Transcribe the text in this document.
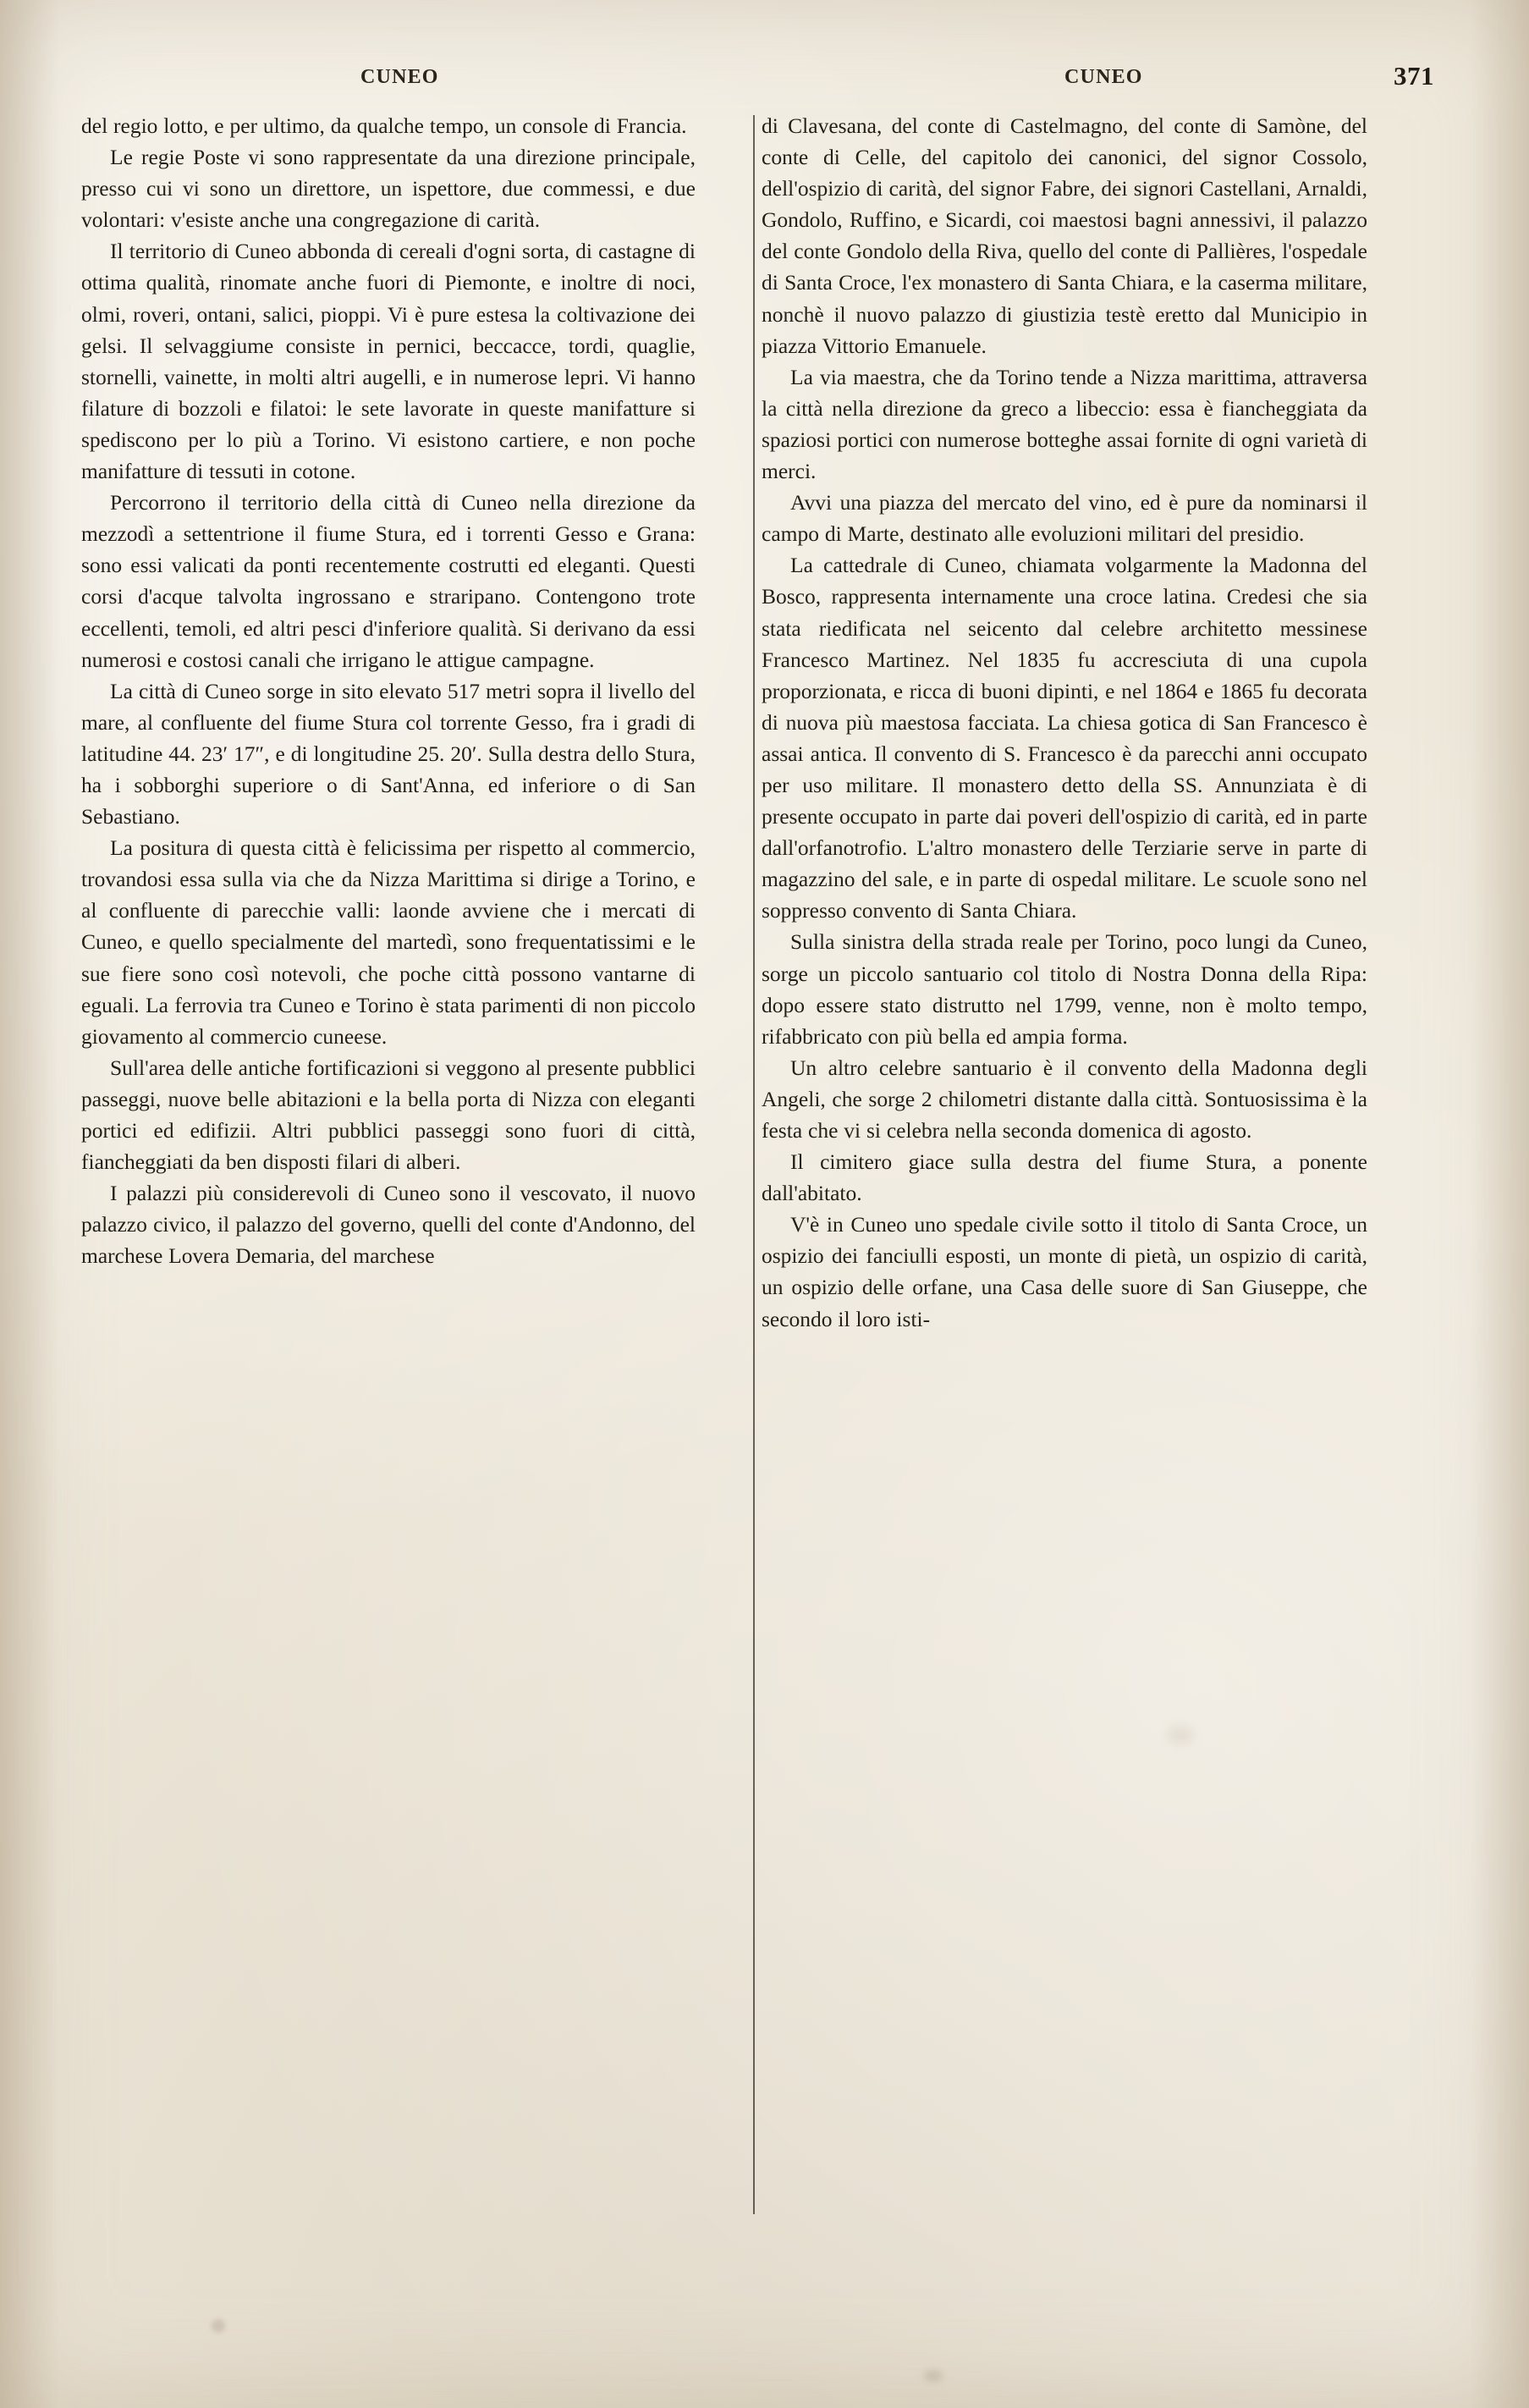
CUNEO	CUNEO	371

del regio lotto, e per ultimo, da qualche tempo, un console di Francia.

Le regie Poste vi sono rappresentate da una direzione principale, presso cui vi sono un direttore, un ispettore, due commessi, e due volontari: v'esiste anche una congregazione di carità.

Il territorio di Cuneo abbonda di cereali d'ogni sorta, di castagne di ottima qualità, rinomate anche fuori di Piemonte, e inoltre di noci, olmi, roveri, ontani, salici, pioppi. Vi è pure estesa la coltivazione dei gelsi. Il selvaggiume consiste in pernici, beccacce, tordi, quaglie, stornelli, vainette, in molti altri augelli, e in numerose lepri. Vi hanno filature di bozzoli e filatoi: le sete lavorate in queste manifatture si spediscono per lo più a Torino. Vi esistono cartiere, e non poche manifatture di tessuti in cotone.

Percorrono il territorio della città di Cuneo nella direzione da mezzodì a settentrione il fiume Stura, ed i torrenti Gesso e Grana: sono essi valicati da ponti recentemente costrutti ed eleganti. Questi corsi d'acque talvolta ingrossano e straripano. Contengono trote eccellenti, temoli, ed altri pesci d'inferiore qualità. Si derivano da essi numerosi e costosi canali che irrigano le attigue campagne.

La città di Cuneo sorge in sito elevato 517 metri sopra il livello del mare, al confluente del fiume Stura col torrente Gesso, fra i gradi di latitudine 44. 23′ 17″, e di longitudine 25. 20′. Sulla destra dello Stura, ha i sobborghi superiore o di Sant'Anna, ed inferiore o di San Sebastiano.

La positura di questa città è felicissima per rispetto al commercio, trovandosi essa sulla via che da Nizza Marittima si dirige a Torino, e al confluente di parecchie valli: laonde avviene che i mercati di Cuneo, e quello specialmente del martedì, sono frequentatissimi e le sue fiere sono così notevoli, che poche città possono vantarne di eguali. La ferrovia tra Cuneo e Torino è stata parimenti di non piccolo giovamento al commercio cuneese.

Sull'area delle antiche fortificazioni si veggono al presente pubblici passeggi, nuove belle abitazioni e la bella porta di Nizza con eleganti portici ed edifizii. Altri pubblici passeggi sono fuori di città, fiancheggiati da ben disposti filari di alberi.

I palazzi più considerevoli di Cuneo sono il vescovato, il nuovo palazzo civico, il palazzo del governo, quelli del conte d'Andonno, del marchese Lovera Demaria, del marchese

di Clavesana, del conte di Castelmagno, del conte di Samòne, del conte di Celle, del capitolo dei canonici, del signor Cossolo, dell'ospizio di carità, del signor Fabre, dei signori Castellani, Arnaldi, Gondolo, Ruffino, e Sicardi, coi maestosi bagni annessivi, il palazzo del conte Gondolo della Riva, quello del conte di Pallières, l'ospedale di Santa Croce, l'ex monastero di Santa Chiara, e la caserma militare, nonchè il nuovo palazzo di giustizia testè eretto dal Municipio in piazza Vittorio Emanuele.

La via maestra, che da Torino tende a Nizza marittima, attraversa la città nella direzione da greco a libeccio: essa è fiancheggiata da spaziosi portici con numerose botteghe assai fornite di ogni varietà di merci.

Avvi una piazza del mercato del vino, ed è pure da nominarsi il campo di Marte, destinato alle evoluzioni militari del presidio.

La cattedrale di Cuneo, chiamata volgarmente la Madonna del Bosco, rappresenta internamente una croce latina. Credesi che sia stata riedificata nel seicento dal celebre architetto messinese Francesco Martinez. Nel 1835 fu accresciuta di una cupola proporzionata, e ricca di buoni dipinti, e nel 1864 e 1865 fu decorata di nuova più maestosa facciata. La chiesa gotica di San Francesco è assai antica. Il convento di S. Francesco è da parecchi anni occupato per uso militare. Il monastero detto della SS. Annunziata è di presente occupato in parte dai poveri dell'ospizio di carità, ed in parte dall'orfanotrofio. L'altro monastero delle Terziarie serve in parte di magazzino del sale, e in parte di ospedal militare. Le scuole sono nel soppresso convento di Santa Chiara.

Sulla sinistra della strada reale per Torino, poco lungi da Cuneo, sorge un piccolo santuario col titolo di Nostra Donna della Ripa: dopo essere stato distrutto nel 1799, venne, non è molto tempo, rifabbricato con più bella ed ampia forma.

Un altro celebre santuario è il convento della Madonna degli Angeli, che sorge 2 chilometri distante dalla città. Sontuosissima è la festa che vi si celebra nella seconda domenica di agosto.

Il cimitero giace sulla destra del fiume Stura, a ponente dall'abitato.

V'è in Cuneo uno spedale civile sotto il titolo di Santa Croce, un ospizio dei fanciulli esposti, un monte di pietà, un ospizio di carità, un ospizio delle orfane, una Casa delle suore di San Giuseppe, che secondo il loro isti-
